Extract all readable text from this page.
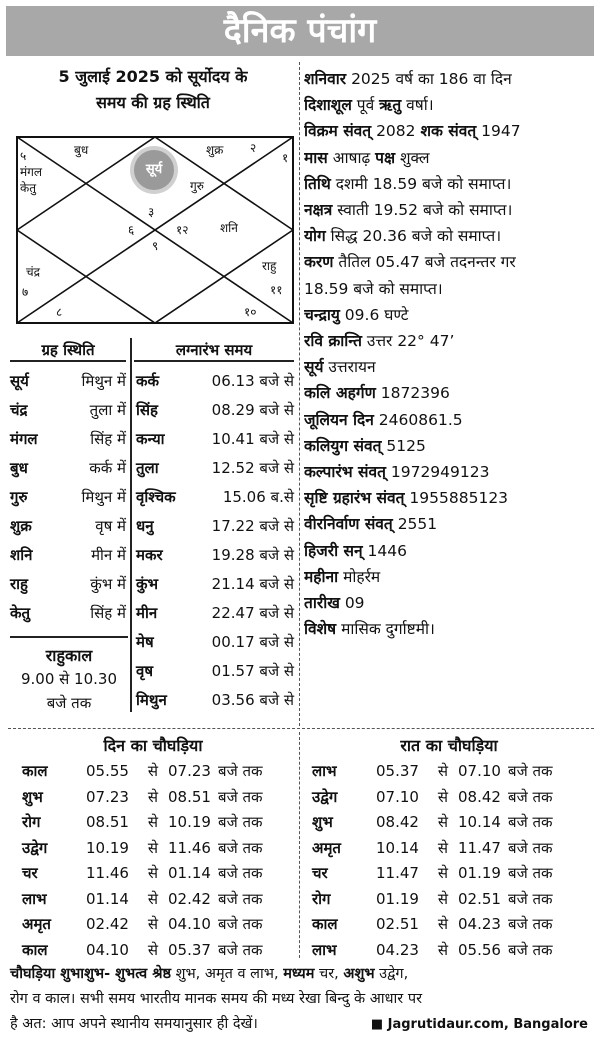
दैनिक पंचांग
5 जुलाई 2025 को सूर्योदय के
समय की ग्रह स्थिति
सूर्य
५	बुध
मंगल
केतु
शुक्र २
१
गुरु
३
६	१२	शनि
९
चंद्र
७
राहु
११
८	१०
ग्रह स्थिति
सूर्य	मिथुन में
चंद्र	तुला में
मंगल	सिंह में
बुध	कर्क में
गुरु	मिथुन में
शुक्र	वृष में
शनि	मीन में
राहु	कुंभ में
केतु	सिंह में
राहुकाल
9.00 से 10.30
बजे तक
लग्नारंभ समय
कर्क	06.13 बजे से
सिंह	08.29 बजे से
कन्या	10.41 बजे से
तुला	12.52 बजे से
वृश्चिक	15.06 ब.से
धनु	17.22 बजे से
मकर	19.28 बजे से
कुंभ	21.14 बजे से
मीन	22.47 बजे से
मेष	00.17 बजे से
वृष	01.57 बजे से
मिथुन	03.56 बजे से
शनिवार 2025 वर्ष का 186 वा दिन
दिशाशूल पूर्व ऋतु वर्षा।
विक्रम संवत् 2082 शक संवत् 1947
मास आषाढ़ पक्ष शुक्ल
तिथि दशमी 18.59 बजे को समाप्त।
नक्षत्र स्वाती 19.52 बजे को समाप्त।
योग सिद्ध 20.36 बजे को समाप्त।
करण तैतिल 05.47 बजे तदनन्तर गर
18.59 बजे को समाप्त।
चन्द्रायु 09.6 घण्टे
रवि क्रान्ति उत्तर 22° 47’
सूर्य उत्तरायन
कलि अहर्गण 1872396
जूलियन दिन 2460861.5
कलियुग संवत् 5125
कल्पारंभ संवत् 1972949123
सृष्टि ग्रहारंभ संवत् 1955885123
वीरनिर्वाण संवत् 2551
हिजरी सन् 1446
महीना मोहर्रम
तारीख 09
विशेष मासिक दुर्गाष्टमी।
दिन का चौघड़िया	रात का चौघड़िया
काल	05.55 से 07.23 बजे तक
शुभ	07.23 से 08.51 बजे तक
रोग	08.51 से 10.19 बजे तक
उद्वेग	10.19 से 11.46 बजे तक
चर	11.46 से 01.14 बजे तक
लाभ	01.14 से 02.42 बजे तक
अमृत 02.42 से 04.10 बजे तक
काल	04.10 से 05.37 बजे तक
लाभ	05.37 से 07.10 बजे तक
उद्वेग	07.10 से 08.42 बजे तक
शुभ	08.42 से 10.14 बजे तक
अमृत 10.14 से 11.47 बजे तक
चर	11.47 से 01.19 बजे तक
रोग	01.19 से 02.51 बजे तक
काल	02.51 से 04.23 बजे तक
लाभ	04.23 से 05.56 बजे तक
चौघड़िया शुभाशुभ- शुभत्व श्रेष्ठ शुभ, अमृत व लाभ, मध्यम चर, अशुभ उद्वेग,
रोग व काल। सभी समय भारतीय मानक समय की मध्य रेखा बिन्दु के आधार पर
है अत: आप अपने स्थानीय समयानुसार ही देखें।	■ Jagrutidaur.com, Bangalore
